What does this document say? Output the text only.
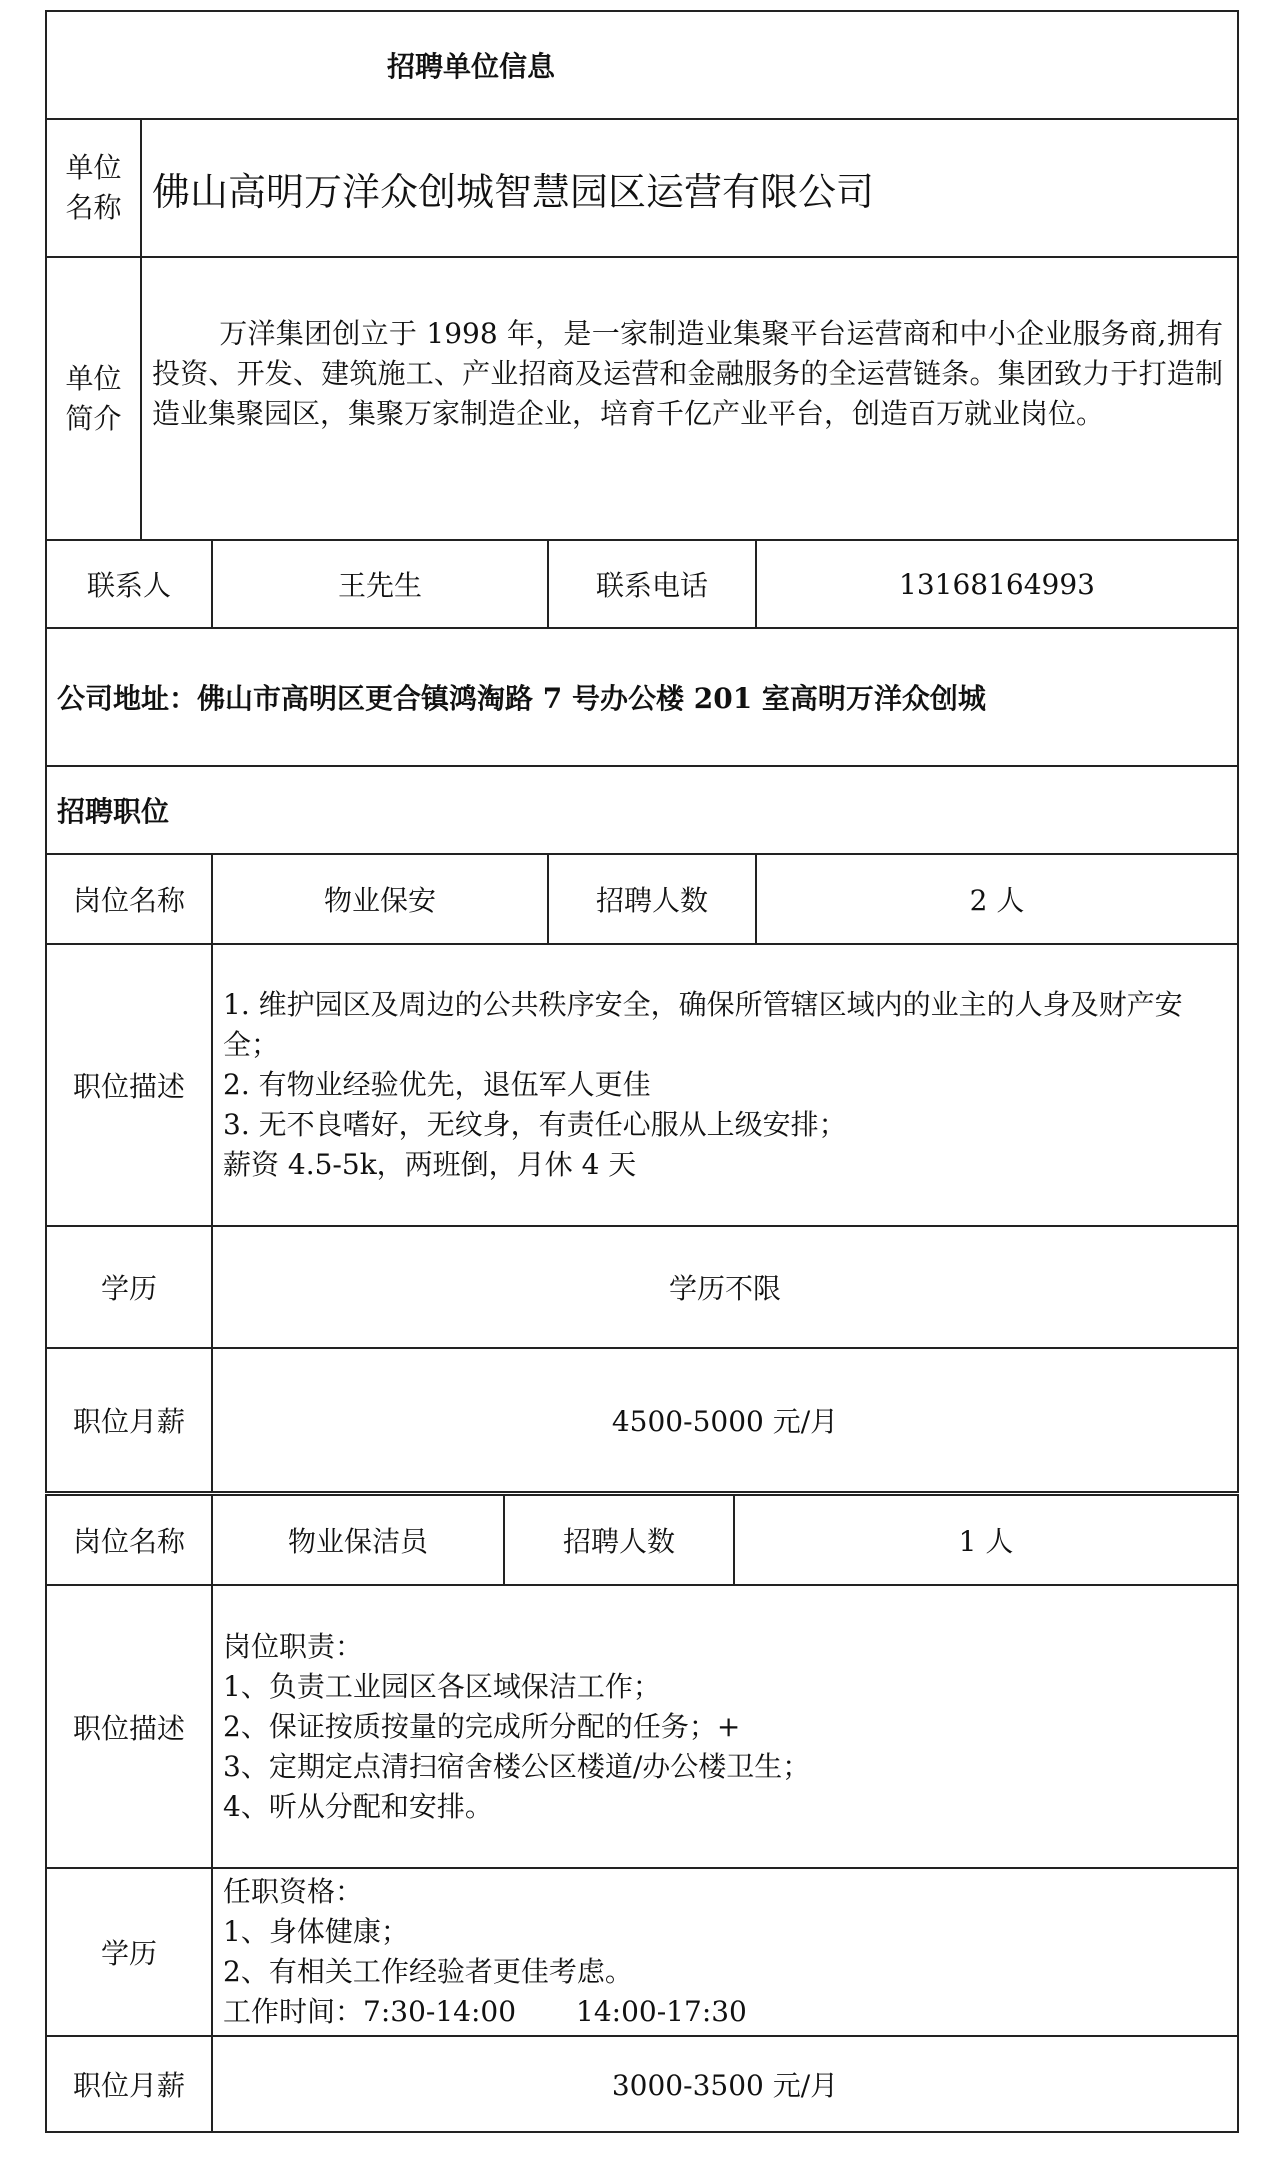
招聘单位信息				
单位名称	佛山高明万洋众创城智慧园区运营有限公司			
单位简介	万洋集团创立于 1998 年，是一家制造业集聚平台运营商和中小企业服务商,拥有投资、开发、建筑施工、产业招商及运营和金融服务的全运营链条。集团致力于打造制造业集聚园区，集聚万家制造企业，培育千亿产业平台，创造百万就业岗位。			
联系人		王先生	联系电话	13168164993
公司地址：佛山市高明区更合镇鸿淘路 7 号办公楼 201 室高明万洋众创城				
招聘职位				
岗位名称		物业保安	招聘人数	2 人
职位描述		1. 维护园区及周边的公共秩序安全，确保所管辖区域内的业主的人身及财产安全；
2. 有物业经验优先，退伍军人更佳
3. 无不良嗜好，无纹身，有责任心服从上级安排；
薪资 4.5-5k，两班倒，月休 4 天		

学历		学历不限		
职位月薪		4500-5000 元/月		
岗位名称	物业保洁员	招聘人数	1 人
职位描述	岗位职责：
1、负责工业园区各区域保洁工作；
2、保证按质按量的完成所分配的任务；+
3、定期定点清扫宿舍楼公区楼道/办公楼卫生；
4、听从分配和安排。		

学历	任职资格：
1、身体健康；
2、有相关工作经验者更佳考虑。
工作时间：7:30-14:00 14:00-17:30		

职位月薪	3000-3500 元/月		
